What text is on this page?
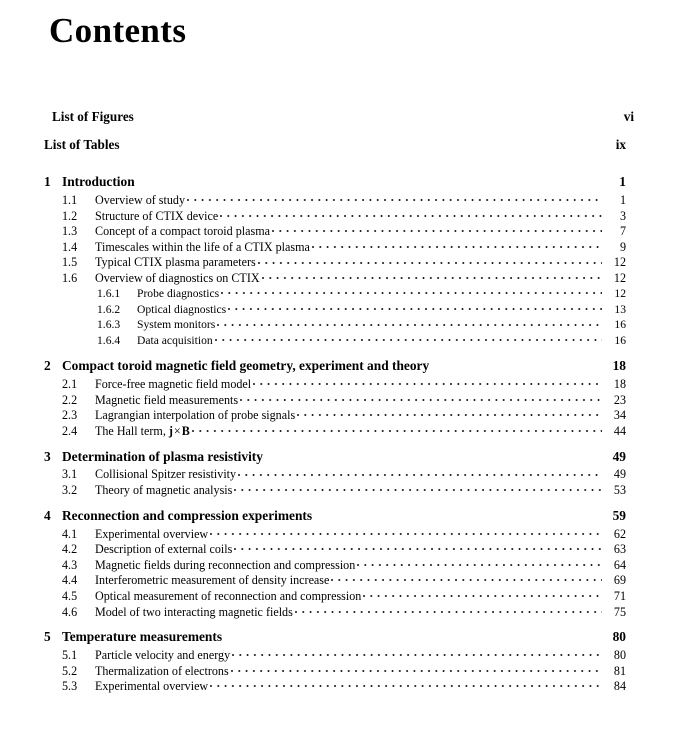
Contents
List of Figures	vi
List of Tables	ix
1 Introduction	1
1.1	Overview of study	1
1.2	Structure of CTIX device	3
1.3	Concept of a compact toroid plasma	7
1.4	Timescales within the life of a CTIX plasma	9
1.5	Typical CTIX plasma parameters	12
1.6	Overview of diagnostics on CTIX	12
1.6.1	Probe diagnostics	12
1.6.2	Optical diagnostics	13
1.6.3	System monitors	16
1.6.4	Data acquisition	16
2 Compact toroid magnetic field geometry, experiment and theory	18
2.1	Force-free magnetic field model	18
2.2	Magnetic field measurements	23
2.3	Lagrangian interpolation of probe signals	34
2.4	The Hall term, j×B	44
3 Determination of plasma resistivity	49
3.1	Collisional Spitzer resistivity	49
3.2	Theory of magnetic analysis	53
4 Reconnection and compression experiments	59
4.1	Experimental overview	62
4.2	Description of external coils	63
4.3	Magnetic fields during reconnection and compression	64
4.4	Interferometric measurement of density increase	69
4.5	Optical measurement of reconnection and compression	71
4.6	Model of two interacting magnetic fields	75
5 Temperature measurements	80
5.1	Particle velocity and energy	80
5.2	Thermalization of electrons	81
5.3	Experimental overview	84
